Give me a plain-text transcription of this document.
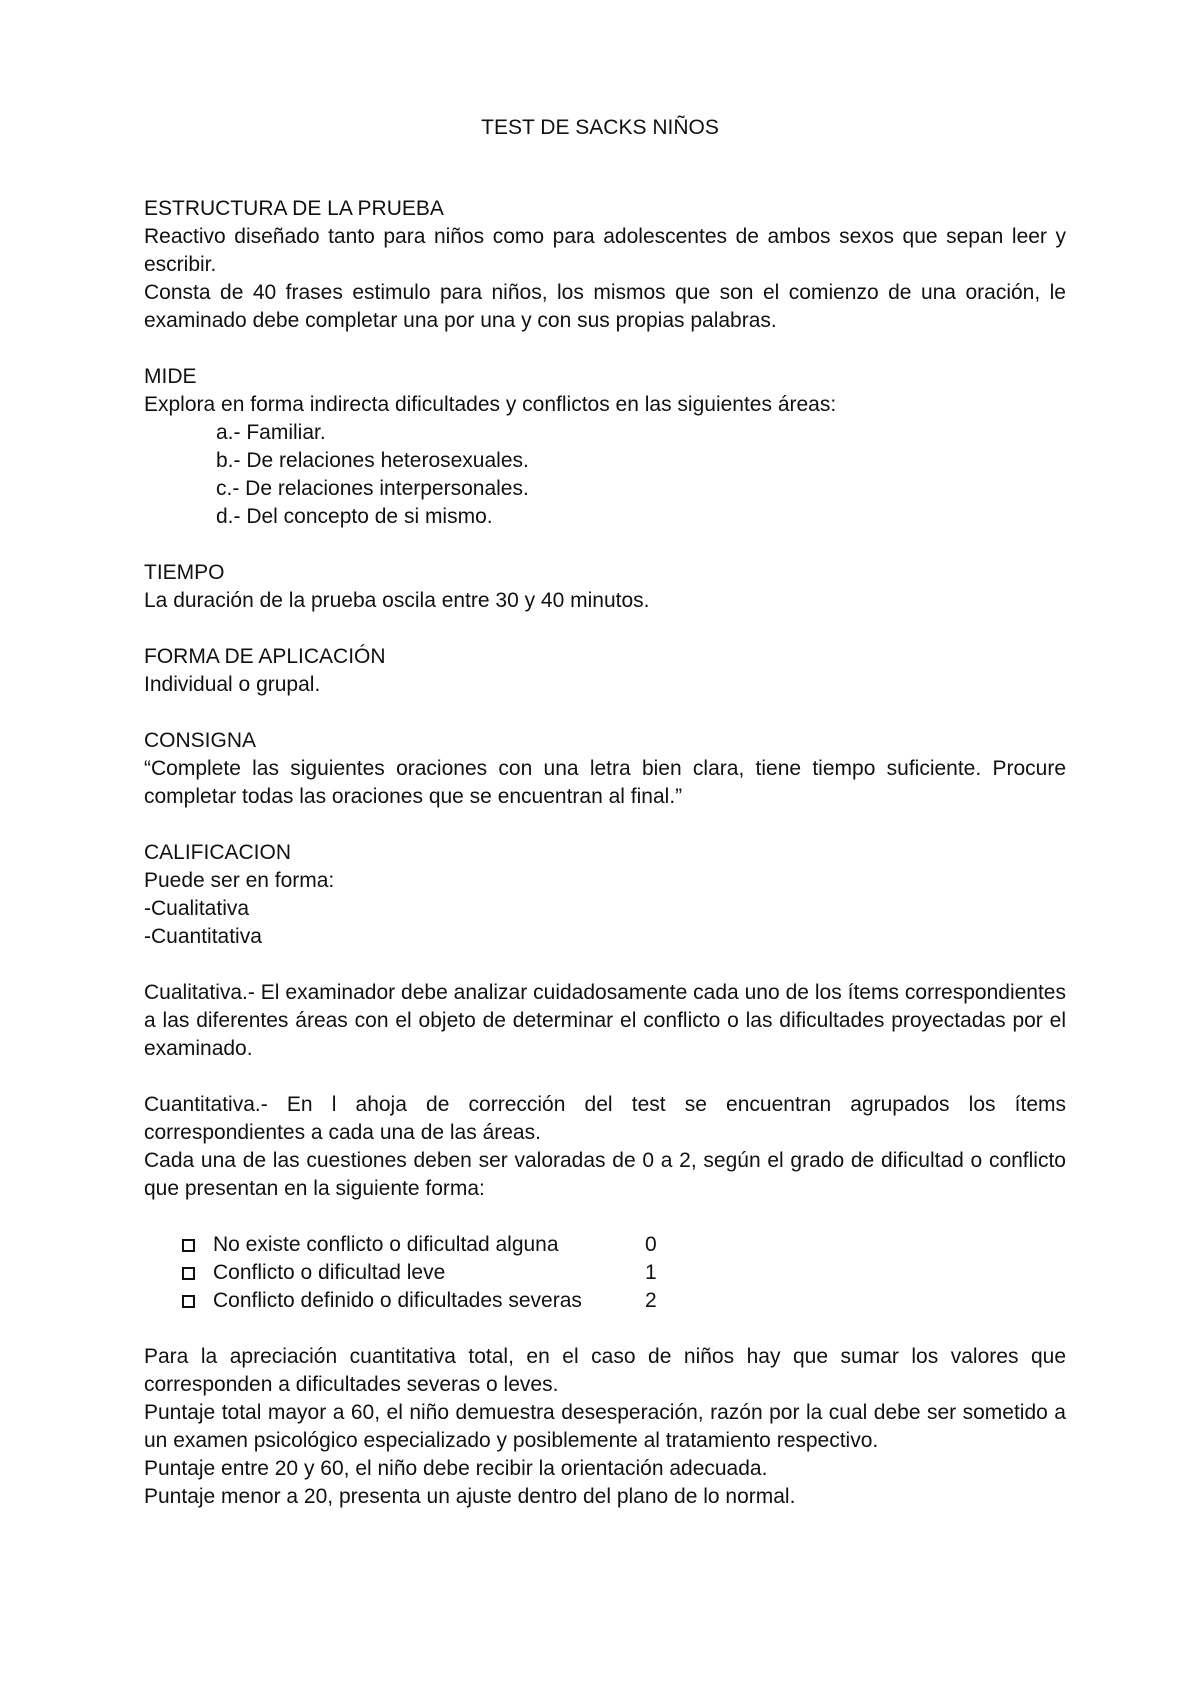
TEST DE SACKS NIÑOS

ESTRUCTURA DE LA PRUEBA

Reactivo diseñado tanto para niños como para adolescentes de ambos sexos que sepan leer y escribir.

Consta de 40 frases estimulo para niños, los mismos que son el comienzo de una oración, le examinado debe completar una por una y con sus propias palabras.

MIDE

Explora en forma indirecta dificultades y conflictos en las siguientes áreas:

a.- Familiar.

b.- De relaciones heterosexuales.

c.- De relaciones interpersonales.

d.- Del concepto de si mismo.

TIEMPO

La duración de la prueba oscila entre 30 y 40 minutos.

FORMA DE APLICACIÓN

Individual o grupal.

CONSIGNA

“Complete las siguientes oraciones con una letra bien clara, tiene tiempo suficiente. Procure completar todas las oraciones que se encuentran al final.”

CALIFICACION

Puede ser en forma:

-Cualitativa

-Cuantitativa

Cualitativa.- El examinador debe analizar cuidadosamente cada uno de los ítems correspondientes a las diferentes áreas con el objeto de determinar el conflicto o las dificultades proyectadas por el examinado.

Cuantitativa.- En l ahoja de corrección del test se encuentran agrupados los ítems correspondientes a cada una de las áreas.

Cada una de las cuestiones deben ser valoradas de 0 a 2, según el grado de dificultad o conflicto que presentan en la siguiente forma:

No existe conflicto o dificultad alguna	0
Conflicto o dificultad leve	1
Conflicto definido o dificultades severas	2

Para la apreciación cuantitativa total, en el caso de niños hay que sumar los valores que corresponden a dificultades severas o leves.

Puntaje total mayor a 60, el niño demuestra desesperación, razón por la cual debe ser sometido a un examen psicológico especializado y posiblemente al tratamiento respectivo.

Puntaje entre 20 y 60, el niño debe recibir la orientación adecuada.

Puntaje menor a 20, presenta un ajuste dentro del plano de lo normal.
